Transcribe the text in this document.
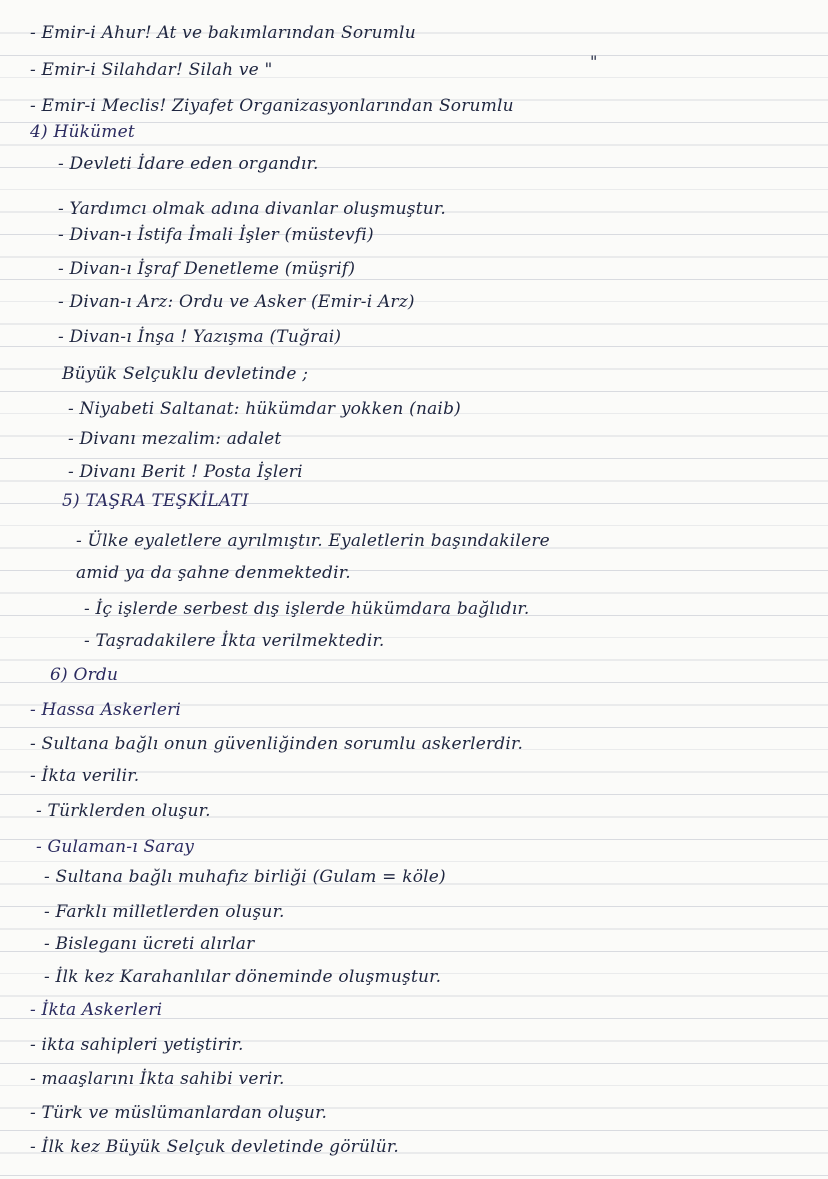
- Emir-i Ahur! At ve bakımlarından Sorumlu
"
- Emir-i Silahdar! Silah ve "
- Emir-i Meclis! Ziyafet Organizasyonlarından Sorumlu
4) Hükümet
- Devleti İdare eden organdır.
- Yardımcı olmak adına divanlar oluşmuştur.
- Divan-ı İstifa İmali İşler (müstevfi)
- Divan-ı İşraf Denetleme (müşrif)
- Divan-ı Arz: Ordu ve Asker (Emir-i Arz)
- Divan-ı İnşa ! Yazışma (Tuğrai)
Büyük Selçuklu devletinde ;
- Niyabeti Saltanat: hükümdar yokken (naib)
- Divanı mezalim: adalet
- Divanı Berit ! Posta İşleri
5) TAŞRA TEŞKİLATI
- Ülke eyaletlere ayrılmıştır. Eyaletlerin başındakilere
amid ya da şahne denmektedir.
- İç işlerde serbest dış işlerde hükümdara bağlıdır.
- Taşradakilere İkta verilmektedir.
6) Ordu
- Hassa Askerleri
- Sultana bağlı onun güvenliğinden sorumlu askerlerdir.
- İkta verilir.
- Türklerden oluşur.
- Gulaman-ı Saray
- Sultana bağlı muhafız birliği (Gulam = köle)
- Farklı milletlerden oluşur.
- Bisleganı ücreti alırlar
- İlk kez Karahanlılar döneminde oluşmuştur.
- İkta Askerleri
- ikta sahipleri yetiştirir.
- maaşlarını İkta sahibi verir.
- Türk ve müslümanlardan oluşur.
- İlk kez Büyük Selçuk devletinde görülür.
